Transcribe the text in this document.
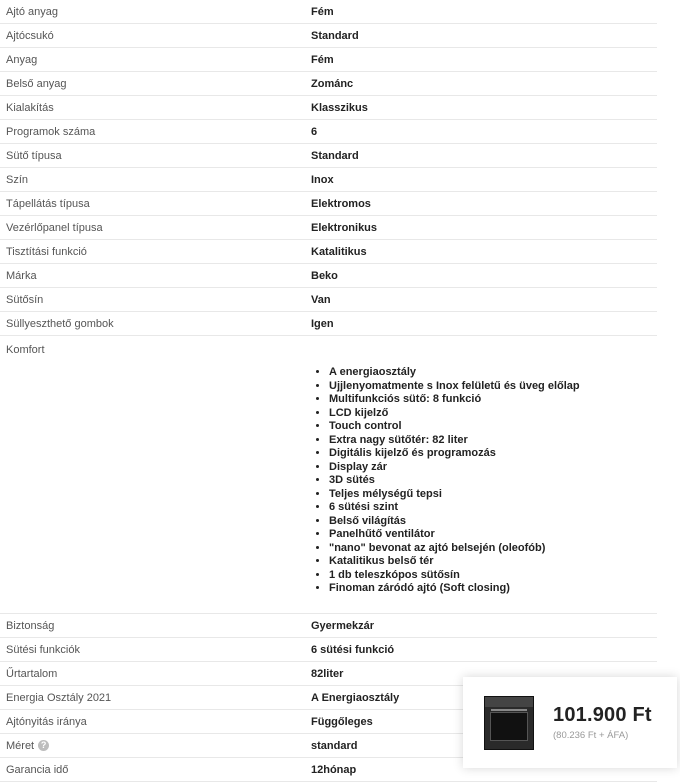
Ajtó anyag	Fém
Ajtócsukó	Standard
Anyag	Fém
Belső anyag	Zománc
Kialakítás	Klasszikus
Programok száma	6
Sütő típusa	Standard
Szín	Inox
Tápellátás típusa	Elektromos
Vezérlőpanel típusa	Elektronikus
Tisztítási funkció	Katalitikus
Márka	Beko
Sütősín	Van
Süllyeszthető gombok	Igen
Komfort
• A energiaosztály
• Ujjlenyomatmente s Inox felületű és üveg előlap
• Multifunkciós sütő: 8 funkció
• LCD kijelző
• Touch control
• Extra nagy sütőtér: 82 liter
• Digitális kijelző és programozás
• Display zár
• 3D sütés
• Teljes mélységű tepsi
• 6 sütési szint
• Belső világítás
• Panelhűtő ventilátor
• "nano" bevonat az ajtó belsején (oleofób)
• Katalitikus belső tér
• 1 db teleszkópos sütősín
• Finoman záródó ajtó (Soft closing)
Biztonság	Gyermekzár
Sütési funkciók	6 sütési funkció
Űrtartalom	82liter
Energia Osztály 2021	A Energiaosztály
Ajtónyitás iránya	Függőleges
Méret ?	standard
Garancia idő	12hónap
101.900 Ft
(80.236 Ft + ÁFA)
